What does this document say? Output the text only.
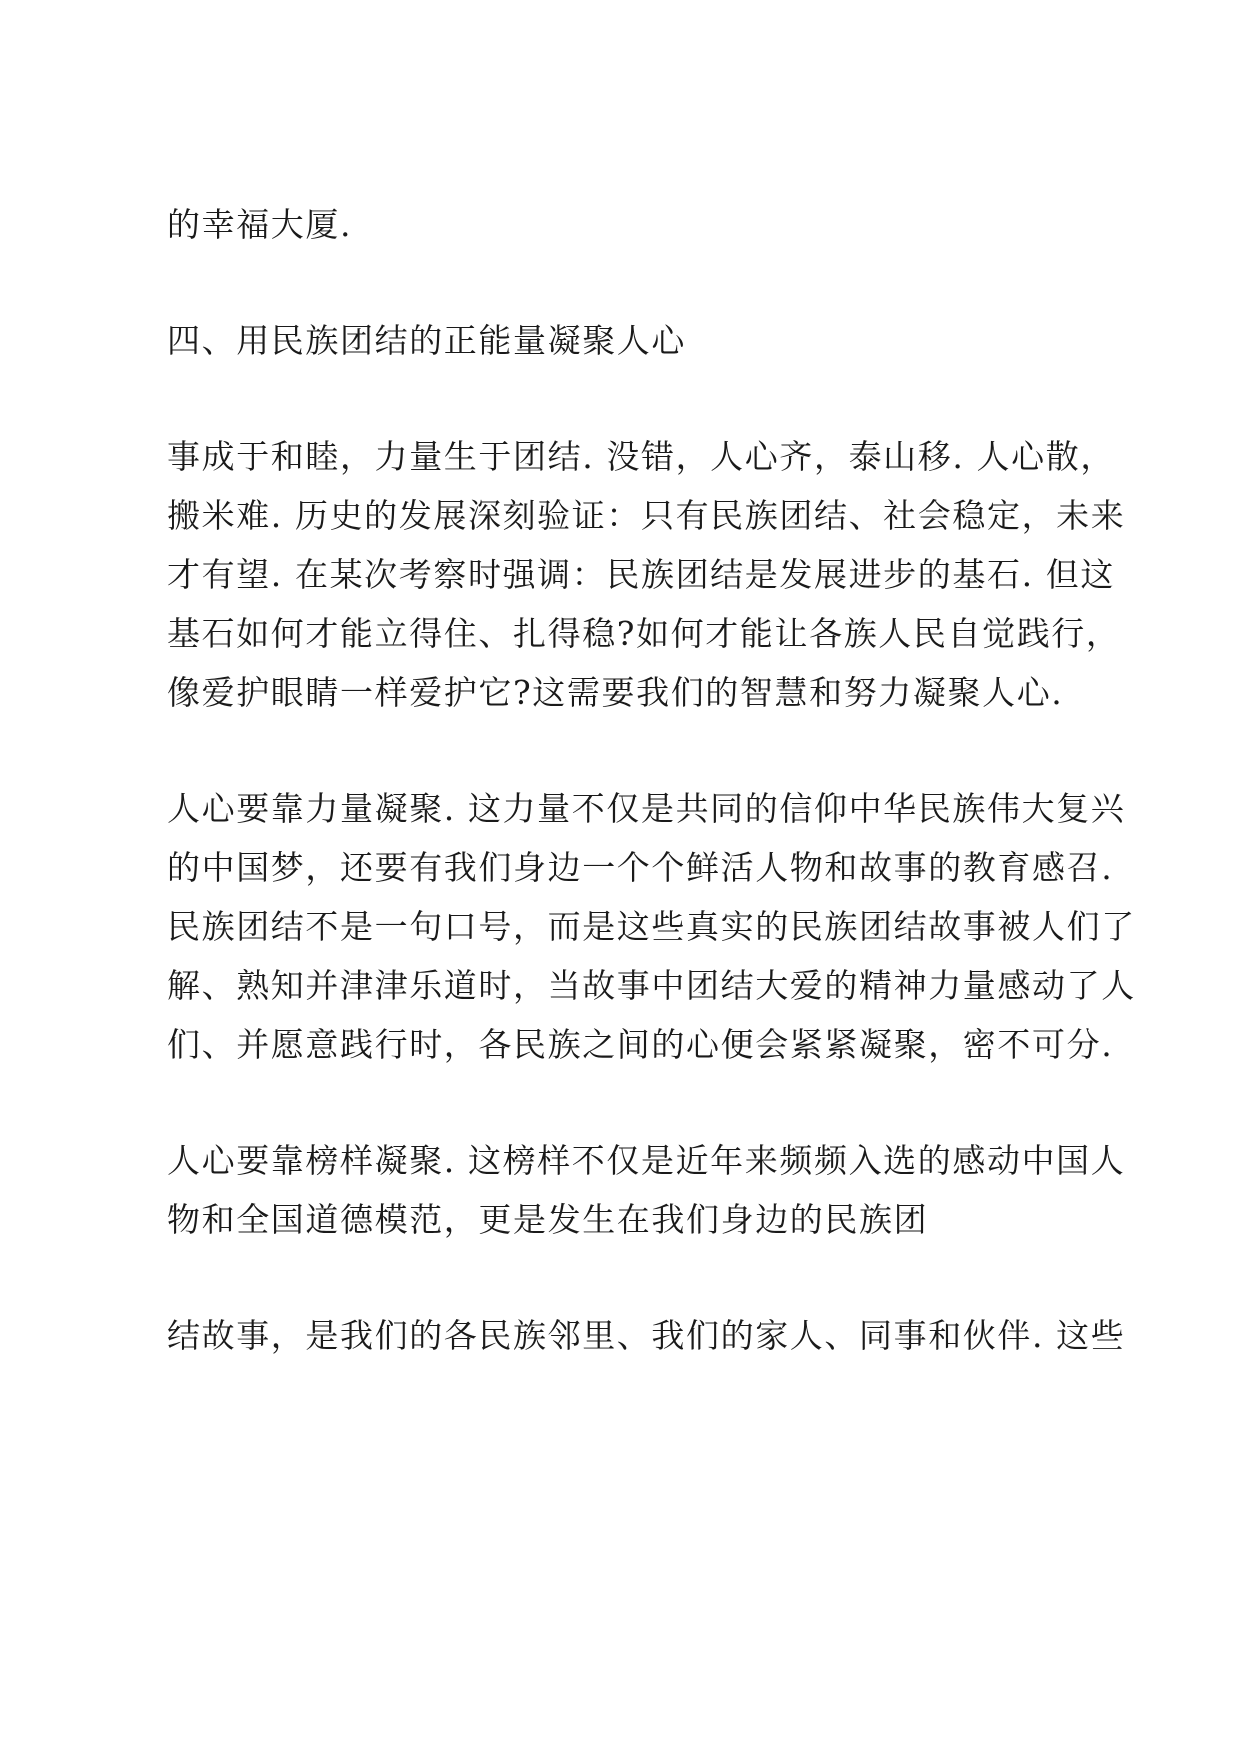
的幸福大厦.
四、用民族团结的正能量凝聚人心
事成于和睦，力量生于团结. 没错，人心齐，泰山移. 人心散，
搬米难. 历史的发展深刻验证：只有民族团结、社会稳定，未来
才有望. 在某次考察时强调：民族团结是发展进步的基石. 但这
基石如何才能立得住、扎得稳?如何才能让各族人民自觉践行，
像爱护眼睛一样爱护它?这需要我们的智慧和努力凝聚人心.
人心要靠力量凝聚. 这力量不仅是共同的信仰中华民族伟大复兴
的中国梦，还要有我们身边一个个鲜活人物和故事的教育感召.
民族团结不是一句口号，而是这些真实的民族团结故事被人们了
解、熟知并津津乐道时，当故事中团结大爱的精神力量感动了人
们、并愿意践行时，各民族之间的心便会紧紧凝聚，密不可分.
人心要靠榜样凝聚. 这榜样不仅是近年来频频入选的感动中国人
物和全国道德模范，更是发生在我们身边的民族团
结故事，是我们的各民族邻里、我们的家人、同事和伙伴. 这些
